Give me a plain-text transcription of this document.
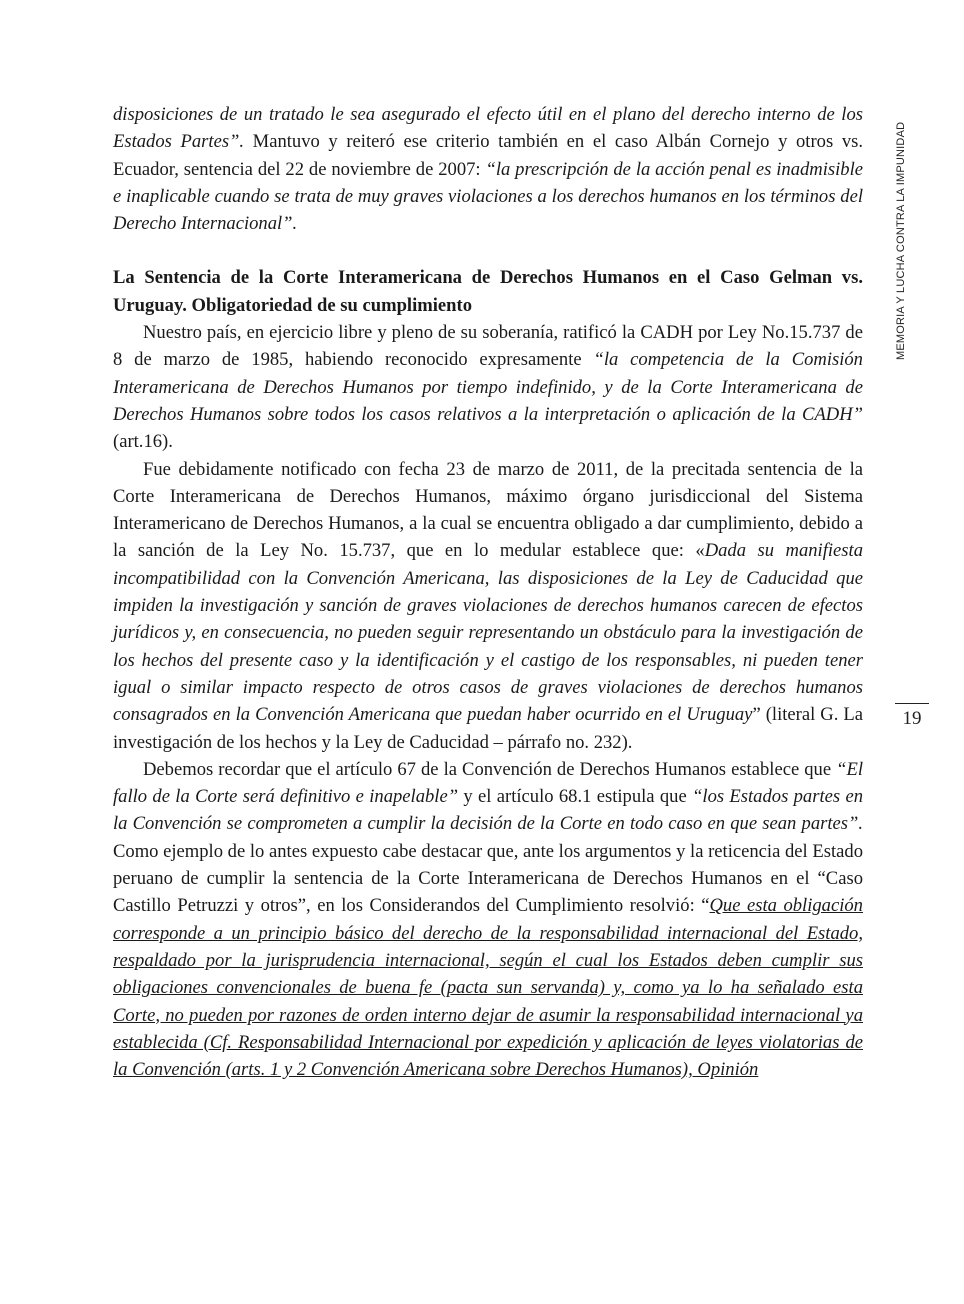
MEMORIA Y LUCHA CONTRA LA IMPUNIDAD
19

disposiciones de un tratado le sea asegurado el efecto útil en el plano del derecho interno de los Estados Partes”. Mantuvo y reiteró ese criterio también en el caso Albán Cornejo y otros vs. Ecuador, sentencia del 22 de noviembre de 2007: “la prescripción de la acción penal es inadmisible e inaplicable cuando se trata de muy graves violaciones a los derechos humanos en los términos del Derecho Internacional”.

La Sentencia de la Corte Interamericana de Derechos Humanos en el Caso Gelman vs. Uruguay. Obligatoriedad de su cumplimiento

Nuestro país, en ejercicio libre y pleno de su soberanía, ratificó la CADH por Ley No.15.737 de 8 de marzo de 1985, habiendo reconocido expresamente “la competencia de la Comisión Interamericana de Derechos Humanos por tiempo indefinido, y de la Corte Interamericana de Derechos Humanos sobre todos los casos relativos a la interpretación o aplicación de la CADH” (art.16).

Fue debidamente notificado con fecha 23 de marzo de 2011, de la precitada sentencia de la Corte Interamericana de Derechos Humanos, máximo órgano jurisdiccional del Sistema Interamericano de Derechos Humanos, a la cual se encuentra obligado a dar cumplimiento, debido a la sanción de la Ley No. 15.737, que en lo medular establece que: «Dada su manifiesta incompatibilidad con la Convención Americana, las disposiciones de la Ley de Caducidad que impiden la investigación y sanción de graves violaciones de derechos humanos carecen de efectos jurídicos y, en consecuencia, no pueden seguir representando un obstáculo para la investigación de los hechos del presente caso y la identificación y el castigo de los responsables, ni pueden tener igual o similar impacto respecto de otros casos de graves violaciones de derechos humanos consagrados en la Convención Americana que puedan haber ocurrido en el Uruguay” (literal G. La investigación de los hechos y la Ley de Caducidad – párrafo no. 232).

Debemos recordar que el artículo 67 de la Convención de Derechos Humanos establece que “El fallo de la Corte será definitivo e inapelable” y el artículo 68.1 estipula que “los Estados partes en la Convención se comprometen a cumplir la decisión de la Corte en todo caso en que sean partes”. Como ejemplo de lo antes expuesto cabe destacar que, ante los argumentos y la reticencia del Estado peruano de cumplir la sentencia de la Corte Interamericana de Derechos Humanos en el “Caso Castillo Petruzzi y otros”, en los Considerandos del Cumplimiento resolvió: “Que esta obligación corresponde a un principio básico del derecho de la responsabilidad internacional del Estado, respaldado por la jurisprudencia internacional, según el cual los Estados deben cumplir sus obligaciones convencionales de buena fe (pacta sun servanda) y, como ya lo ha señalado esta Corte, no pueden por razones de orden interno dejar de asumir la responsabilidad internacional ya establecida (Cf. Responsabilidad Internacional por expedición y aplicación de leyes violatorias de la Convención (arts. 1 y 2 Convención Americana sobre Derechos Humanos), Opinión
